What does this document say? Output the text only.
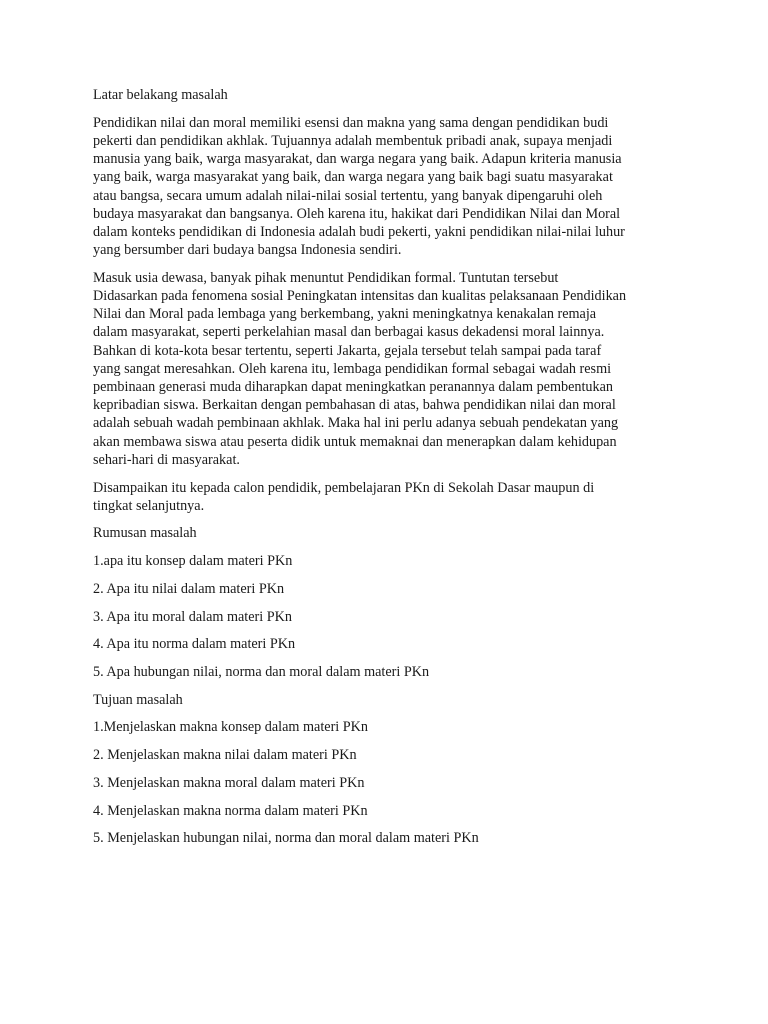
Latar belakang masalah

Pendidikan nilai dan moral memiliki esensi dan makna yang sama dengan pendidikan budi
pekerti dan pendidikan akhlak. Tujuannya adalah membentuk pribadi anak, supaya menjadi
manusia yang baik, warga masyarakat, dan warga negara yang baik. Adapun kriteria manusia
yang baik, warga masyarakat yang baik, dan warga negara yang baik bagi suatu masyarakat
atau bangsa, secara umum adalah nilai-nilai sosial tertentu, yang banyak dipengaruhi oleh
budaya masyarakat dan bangsanya. Oleh karena itu, hakikat dari Pendidikan Nilai dan Moral
dalam konteks pendidikan di Indonesia adalah budi pekerti, yakni pendidikan nilai-nilai luhur
yang bersumber dari budaya bangsa Indonesia sendiri.

Masuk usia dewasa, banyak pihak menuntut Pendidikan formal. Tuntutan tersebut
Didasarkan pada fenomena sosial Peningkatan intensitas dan kualitas pelaksanaan Pendidikan
Nilai dan Moral pada lembaga yang berkembang, yakni meningkatnya kenakalan remaja
dalam masyarakat, seperti perkelahian masal dan berbagai kasus dekadensi moral lainnya.
Bahkan di kota-kota besar tertentu, seperti Jakarta, gejala tersebut telah sampai pada taraf
yang sangat meresahkan. Oleh karena itu, lembaga pendidikan formal sebagai wadah resmi
pembinaan generasi muda diharapkan dapat meningkatkan peranannya dalam pembentukan
kepribadian siswa. Berkaitan dengan pembahasan di atas, bahwa pendidikan nilai dan moral
adalah sebuah wadah pembinaan akhlak. Maka hal ini perlu adanya sebuah pendekatan yang
akan membawa siswa atau peserta didik untuk memaknai dan menerapkan dalam kehidupan
sehari-hari di masyarakat.

Disampaikan itu kepada calon pendidik, pembelajaran PKn di Sekolah Dasar maupun di
tingkat selanjutnya.

Rumusan masalah

1.apa itu konsep dalam materi PKn

2. Apa itu nilai dalam materi PKn

3. Apa itu moral dalam materi PKn

4. Apa itu norma dalam materi PKn

5. Apa hubungan nilai, norma dan moral dalam materi PKn

Tujuan masalah

1.Menjelaskan makna konsep dalam materi PKn

2. Menjelaskan makna nilai dalam materi PKn

3. Menjelaskan makna moral dalam materi PKn

4. Menjelaskan makna norma dalam materi PKn

5. Menjelaskan hubungan nilai, norma dan moral dalam materi PKn
